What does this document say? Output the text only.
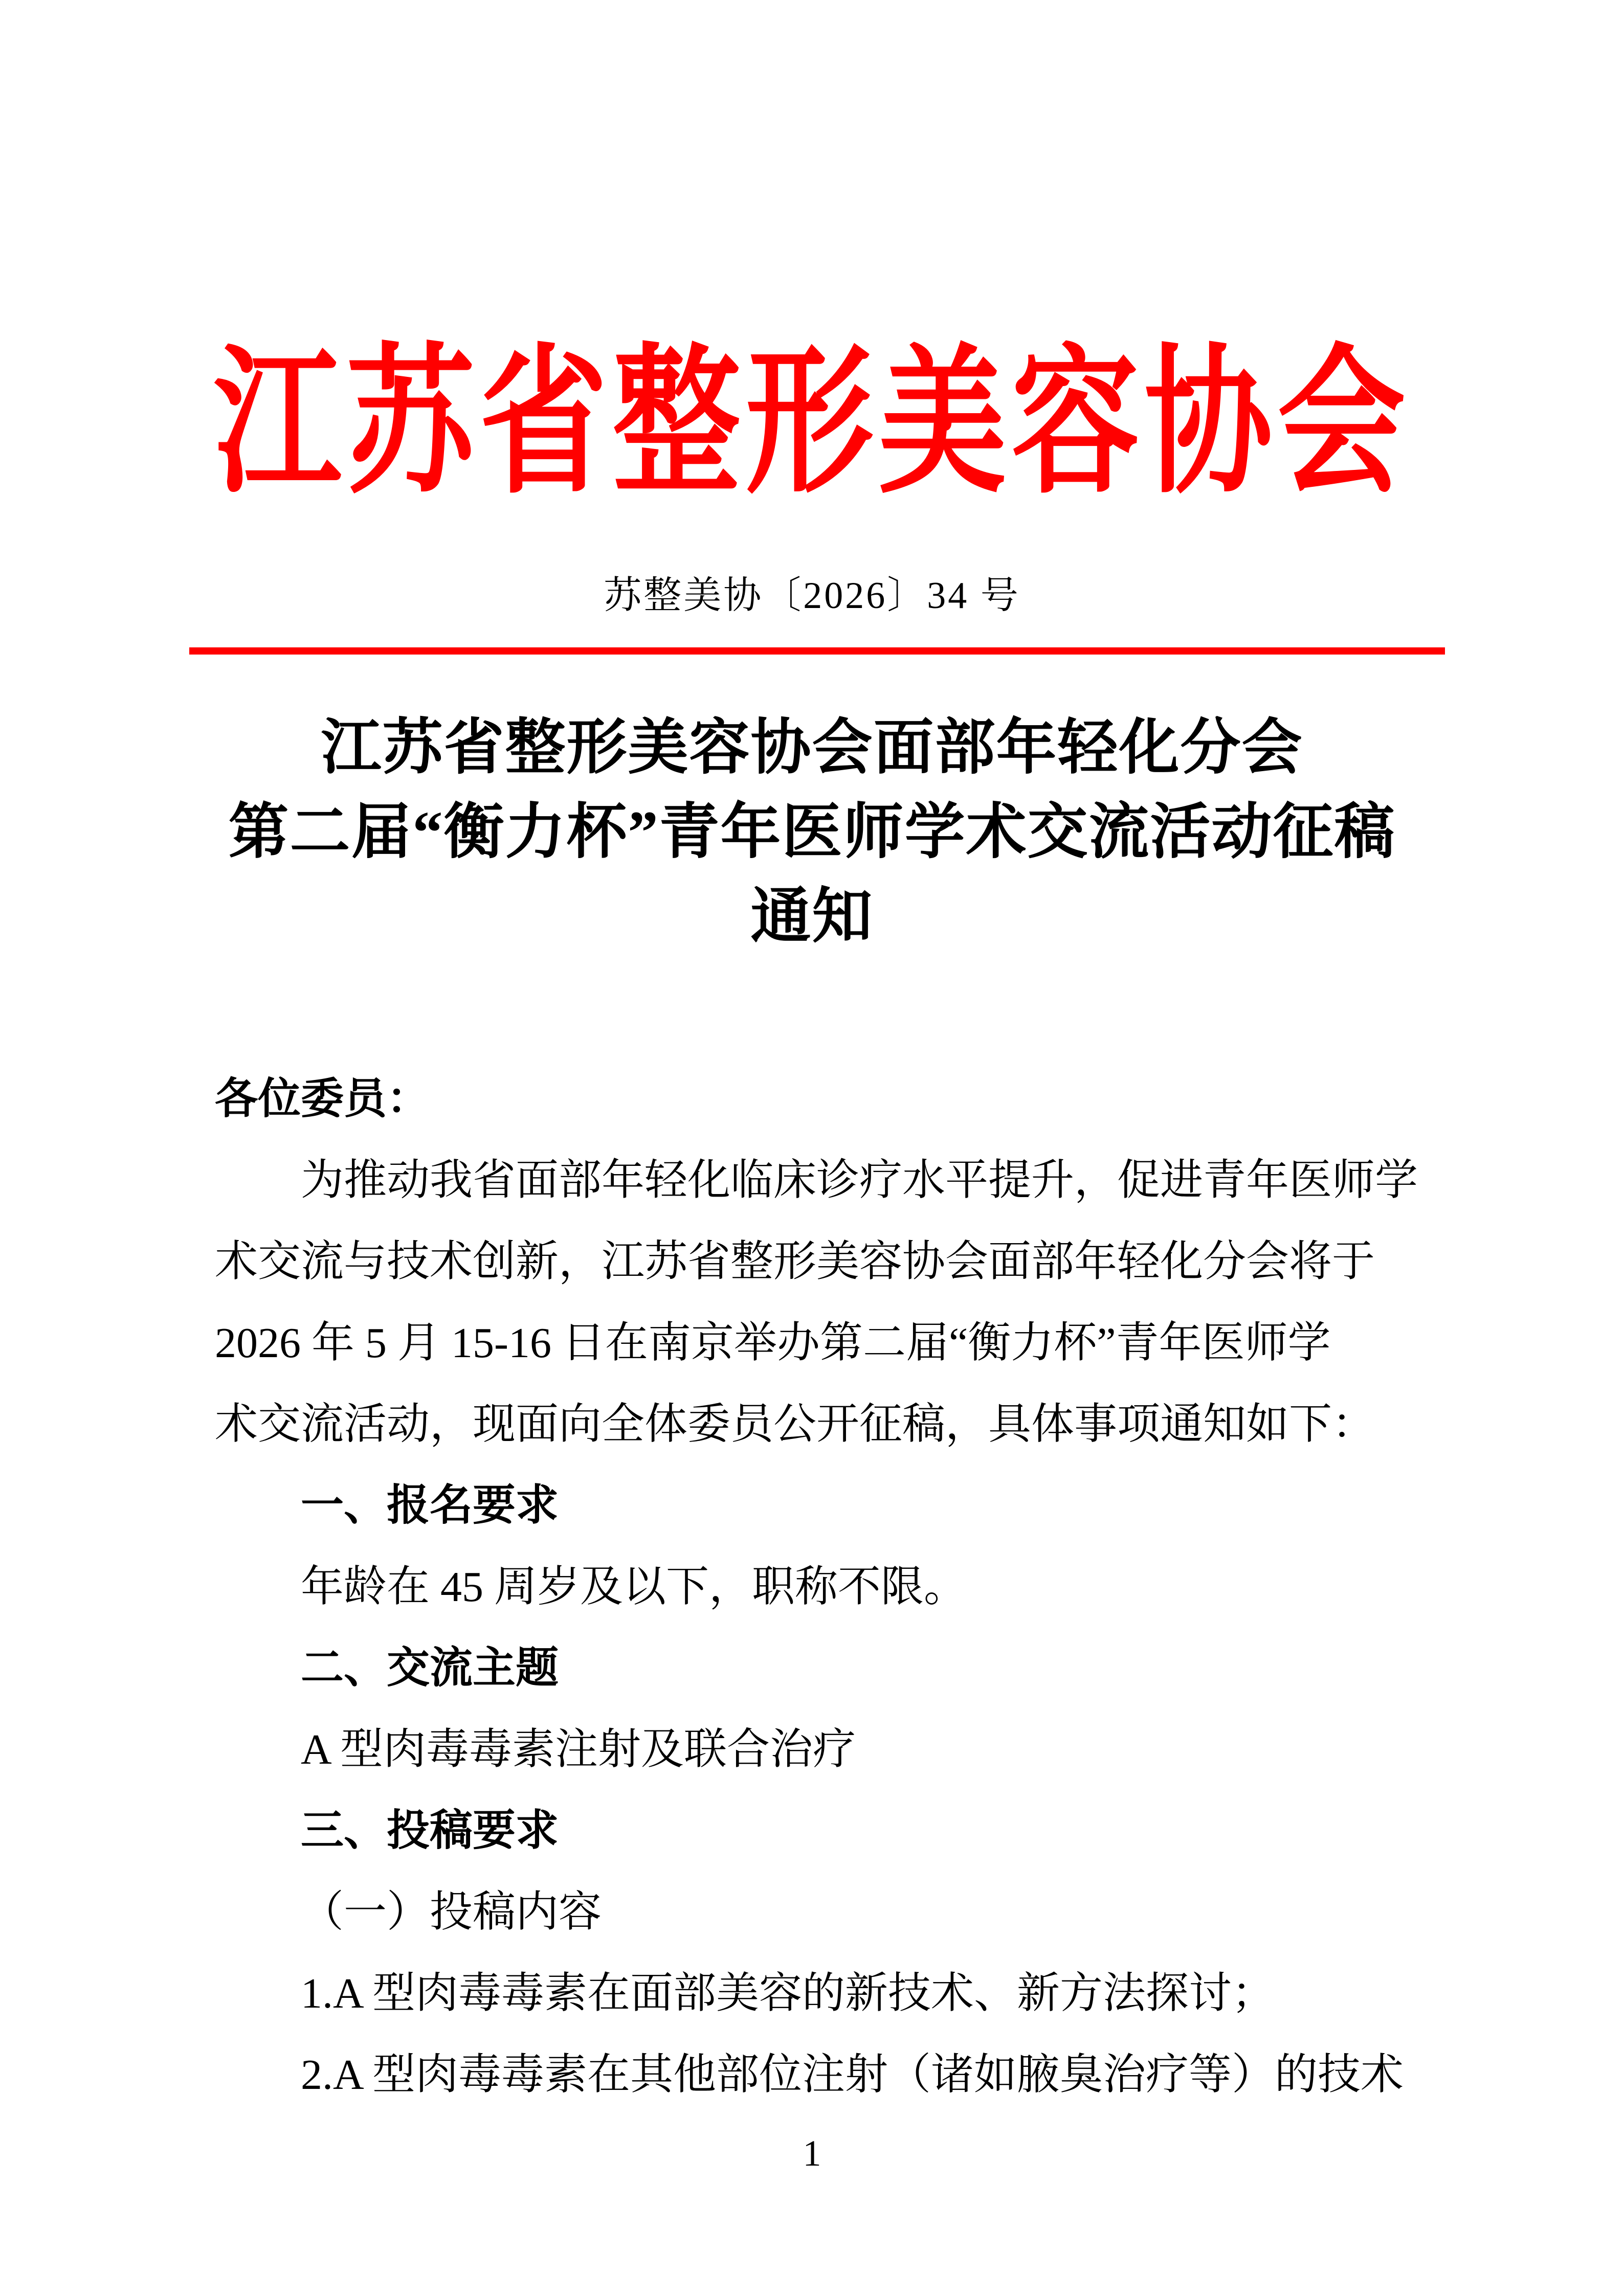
江苏省整形美容协会
苏整美协〔2026〕34 号
江苏省整形美容协会面部年轻化分会
第二届“衡力杯”青年医师学术交流活动征稿
通知
各位委员：
为推动我省面部年轻化临床诊疗水平提升，促进青年医师学
术交流与技术创新，江苏省整形美容协会面部年轻化分会将于
2026 年 5 月 15-16 日在南京举办第二届“衡力杯”青年医师学
术交流活动，现面向全体委员公开征稿，具体事项通知如下：
一、报名要求
年龄在 45 周岁及以下，职称不限。
二、交流主题
A 型肉毒毒素注射及联合治疗
三、投稿要求
（一）投稿内容
1.A 型肉毒毒素在面部美容的新技术、新方法探讨；
2.A 型肉毒毒素在其他部位注射（诸如腋臭治疗等）的技术
1
